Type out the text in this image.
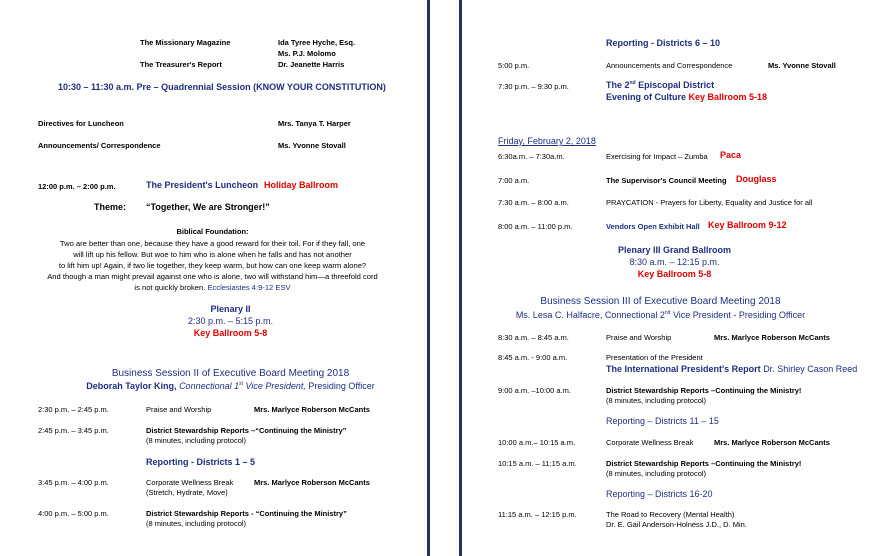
The Missionary Magazine	Ida Tyree Hyche, Esq.
Ms. P.J. Molomo
The Treasurer's Report	Dr. Jeanette Harris
10:30 – 11:30 a.m. Pre – Quadrennial Session (KNOW YOUR CONSTITUTION)
Directives for Luncheon	Mrs. Tanya T. Harper
Announcements/ Correspondence	Ms. Yvonne Stovall
12:00 p.m. – 2:00 p.m.	The President's Luncheon Holiday Ballroom
Theme: “Together, We are Stronger!”
Biblical Foundation:
Two are better than one, because they have a good reward for their toil. For if they fall, one
will lift up his fellow. But woe to him who is alone when he falls and has not another
to lift him up! Again, if two lie together, they keep warm, but how can one keep warm alone?
And though a man might prevail against one who is alone, two will withstand him—a threefold cord
is not quickly broken. Ecclesiastes 4:9-12 ESV
Plenary II
2:30 p.m. – 5:15 p.m.
Key Ballroom 5-8
Business Session II of Executive Board Meeting 2018
Deborah Taylor King, Connectional 1st Vice President, Presiding Officer
2:30 p.m. – 2:45 p.m.	Praise and Worship	Mrs. Marlyce Roberson McCants
2:45 p.m. – 3:45 p.m.	District Stewardship Reports –“Continuing the Ministry”
(8 minutes, including protocol)
Reporting - Districts 1 – 5
3:45 p.m. – 4:00 p.m.	Corporate Wellness Break	Mrs. Marlyce Roberson McCants
(Stretch, Hydrate, Move)
4:00 p.m. – 5:00 p.m.	District Stewardship Reports - “Continuing the Ministry”
(8 minutes, including protocol)
Reporting - Districts 6 – 10
5:00 p.m.	Announcements and Correspondence	Ms. Yvonne Stovall
7:30 p.m. – 9:30 p.m.	The 2nd Episcopal District
Evening of Culture Key Ballroom 5-18
Friday, February 2, 2018
6:30a.m. – 7:30a.m.	Exercising for Impact – Zumba Paca
7:00 a.m.	The Supervisor's Council Meeting Douglass
7:30 a.m. – 8:00 a.m.	PRAYCATION - Prayers for Liberty, Equality and Justice for all
8:00 a.m. – 11:00 p.m.	Vendors Open Exhibit Hall Key Ballroom 9-12
Plenary III Grand Ballroom
8:30 a.m. – 12:15 p.m.
Key Ballroom 5-8
Business Session III of Executive Board Meeting 2018
Ms. Lesa C. Halfacre, Connectional 2nd Vice President - Presiding Officer
8:30 a.m. – 8:45 a.m.	Praise and Worship	Mrs. Marlyce Roberson McCants
8:45 a.m. - 9:00 a.m.	Presentation of the President
The International President's Report Dr. Shirley Cason Reed
9:00 a.m. –10:00 a.m.	District Stewardship Reports –Continuing the Ministry!
(8 minutes, including protocol)
Reporting – Districts 11 – 15
10:00 a.m.– 10:15 a.m.	Corporate Wellness Break	Mrs. Marlyce Roberson McCants
10:15 a.m. – 11:15 a.m.	District Stewardship Reports –Continuing the Ministry!
(8 minutes, including protocol)
Reporting – Districts 16-20
11:15 a.m. – 12:15 p.m.	The Road to Recovery (Mental Health)
Dr. E. Gail Anderson-Holness J.D., D. Min.
